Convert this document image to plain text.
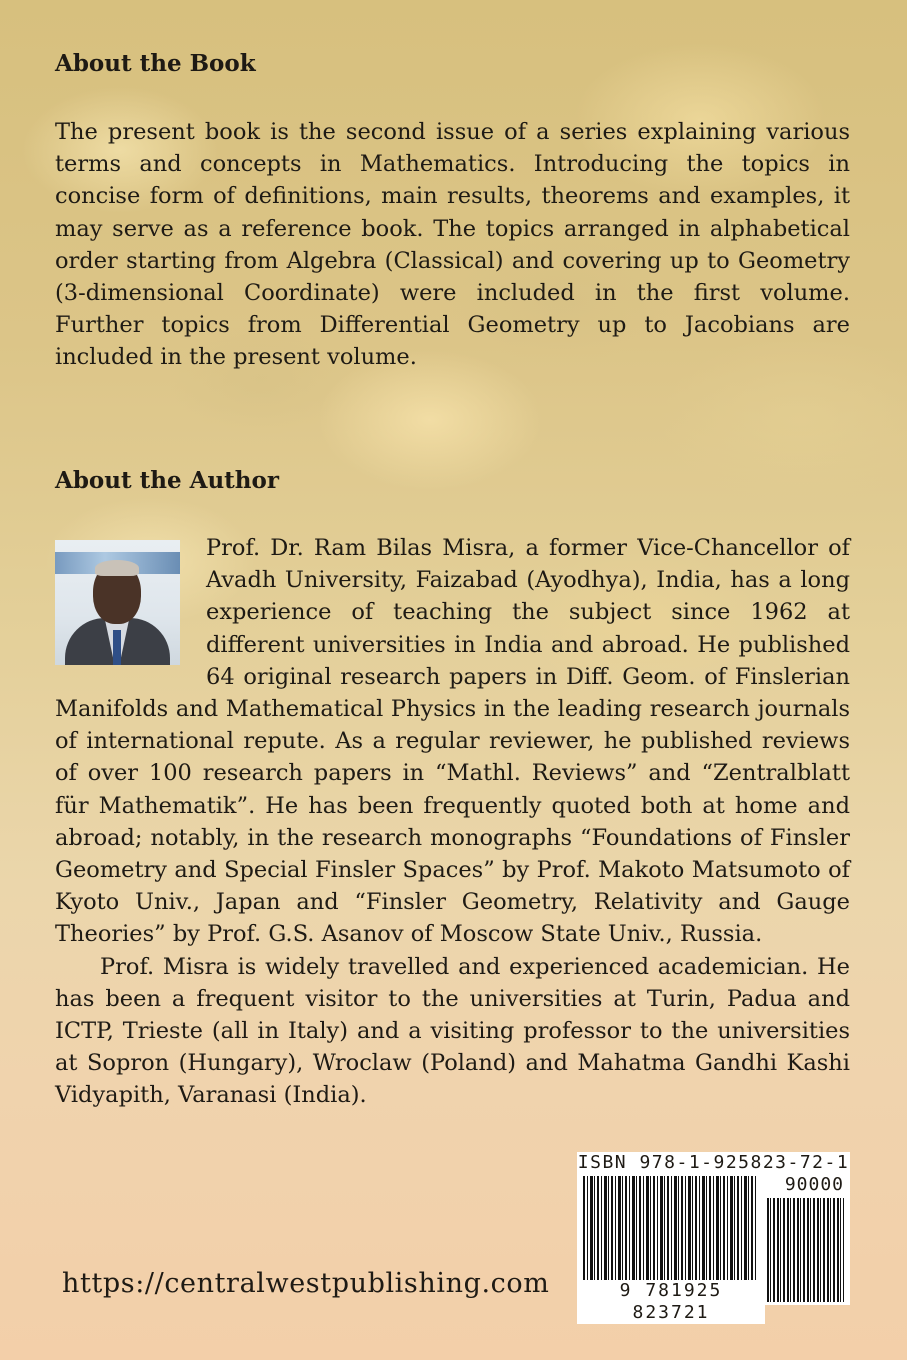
About the Book

The present book is the second issue of a series explaining various terms and concepts in Mathematics. Introducing the topics in concise form of definitions, main results, theorems and examples, it may serve as a reference book. The topics arranged in alphabetical order starting from Algebra (Classical) and covering up to Geometry (3-dimensional Coordinate) were included in the first volume. Further topics from Differential Geometry up to Jacobians are included in the present volume.

About the Author

Prof. Dr. Ram Bilas Misra, a former Vice-Chancellor of Avadh University, Faizabad (Ayodhya), India, has a long experience of teaching the subject since 1962 at different universities in India and abroad. He published 64 original research papers in Diff. Geom. of Finslerian Manifolds and Mathematical Physics in the leading research journals of international repute. As a regular reviewer, he published reviews of over 100 research papers in “Mathl. Reviews” and “Zentralblatt für Mathematik”. He has been frequently quoted both at home and abroad; notably, in the research monographs “Foundations of Finsler Geometry and Special Finsler Spaces” by Prof. Makoto Matsumoto of Kyoto Univ., Japan and “Finsler Geometry, Relativity and Gauge Theories” by Prof. G.S. Asanov of Moscow State Univ., Russia.

Prof. Misra is widely travelled and experienced academician. He has been a frequent visitor to the universities at Turin, Padua and ICTP, Trieste (all in Italy) and a visiting professor to the universities at Sopron (Hungary), Wroclaw (Poland) and Mahatma Gandhi Kashi Vidyapith, Varanasi (India).

https://centralwestpublishing.com

ISBN 978-1-925823-72-1
90000
9 781925 823721
